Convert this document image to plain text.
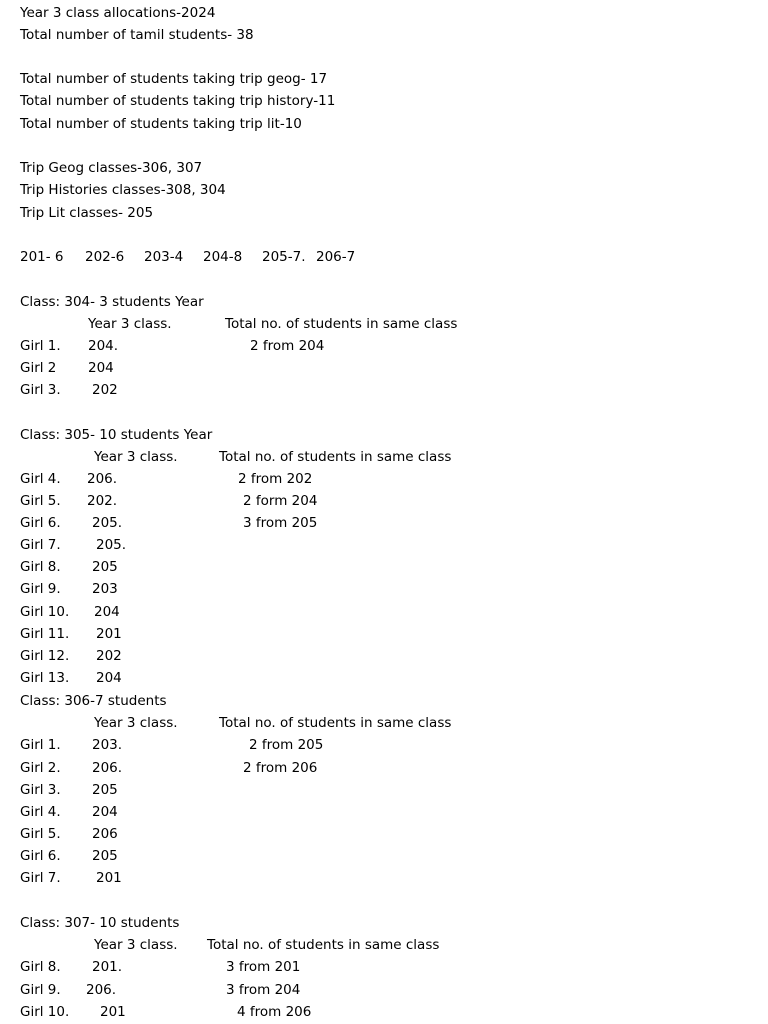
Year 3 class allocations-2024

Total number of tamil students- 38

Total number of students taking trip geog- 17

Total number of students taking trip history-11

Total number of students taking trip lit-10

Trip Geog classes-306, 307

Trip Histories classes-308, 304

Trip Lit classes- 205

201- 6 202-6 203-4 204-8 205-7. 206-7

Class: 304- 3 students Year

Year 3 class.	Total no. of students in same class
Girl 1. 204.	2 from 204
Girl 2 204
Girl 3. 202

Class: 305- 10 students Year

Year 3 class.	Total no. of students in same class
Girl 4. 206.	2 from 202
Girl 5. 202.	2 form 204
Girl 6. 205.	3 from 205
Girl 7.	205.
Girl 8. 205
Girl 9. 203
Girl 10. 204
Girl 11. 201
Girl 12. 202
Girl 13. 204

Class: 306-7 students

Year 3 class.	Total no. of students in same class
Girl 1. 203.	2 from 205
Girl 2. 206.	2 from 206
Girl 3. 205
Girl 4. 204
Girl 5. 206
Girl 6. 205
Girl 7.	201

Class: 307- 10 students

Year 3 class. Total no. of students in same class
Girl 8. 201.	3 from 201
Girl 9. 206.	3 from 204
Girl 10. 201	4 from 206
